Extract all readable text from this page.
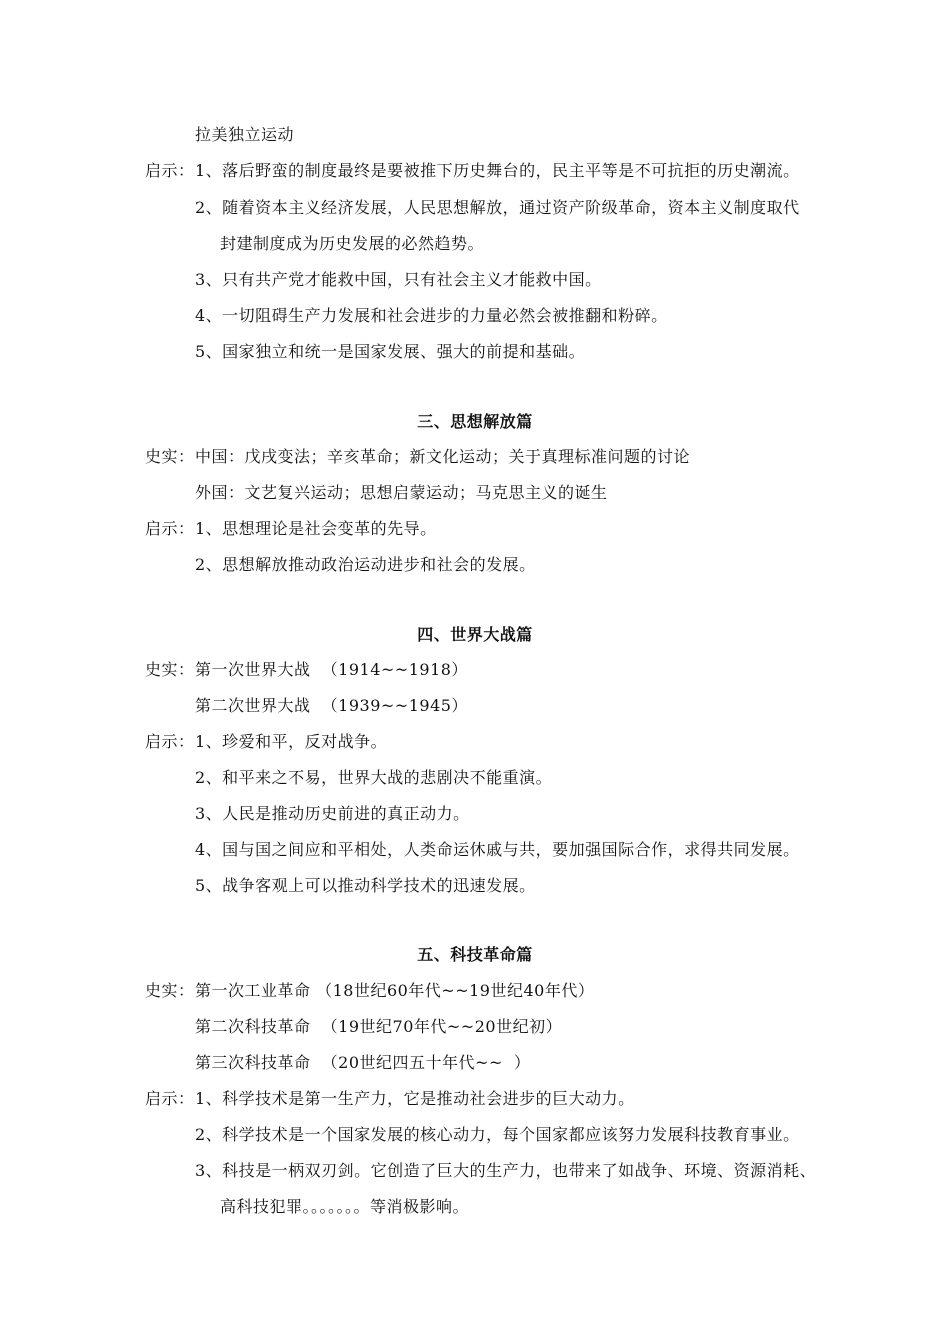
拉美独立运动
启示： 1、落后野蛮的制度最终是要被推下历史舞台的，民主平等是不可抗拒的历史潮流。
2、随着资本主义经济发展，人民思想解放，通过资产阶级革命，资本主义制度取代
封建制度成为历史发展的必然趋势。
3、只有共产党才能救中国，只有社会主义才能救中国。
4、一切阻碍生产力发展和社会进步的力量必然会被推翻和粉碎。
5、国家独立和统一是国家发展、强大的前提和基础。
三、思想解放篇
史实： 中国：戊戌变法；辛亥革命；新文化运动；关于真理标准问题的讨论
外国：文艺复兴运动；思想启蒙运动；马克思主义的诞生
启示： 1、思想理论是社会变革的先导。
2、思想解放推动政治运动进步和社会的发展。
四、世界大战篇
史实： 第一次世界大战  （1914~~1918）
第二次世界大战  （1939~~1945）
启示： 1、珍爱和平，反对战争。
2、和平来之不易，世界大战的悲剧决不能重演。
3、人民是推动历史前进的真正动力。
4、国与国之间应和平相处，人类命运休戚与共，要加强国际合作，求得共同发展。
5、战争客观上可以推动科学技术的迅速发展。
五、科技革命篇
史实： 第一次工业革命 （18世纪60年代~~19世纪40年代）
第二次科技革命  （19世纪70年代~~20世纪初）
第三次科技革命  （20世纪四五十年代~~  ）
启示： 1、科学技术是第一生产力，它是推动社会进步的巨大动力。
2、科学技术是一个国家发展的核心动力，每个国家都应该努力发展科技教育事业。
3、科技是一柄双刃剑。它创造了巨大的生产力，也带来了如战争、环境、资源消耗、
高科技犯罪。。。。。。。等消极影响。
